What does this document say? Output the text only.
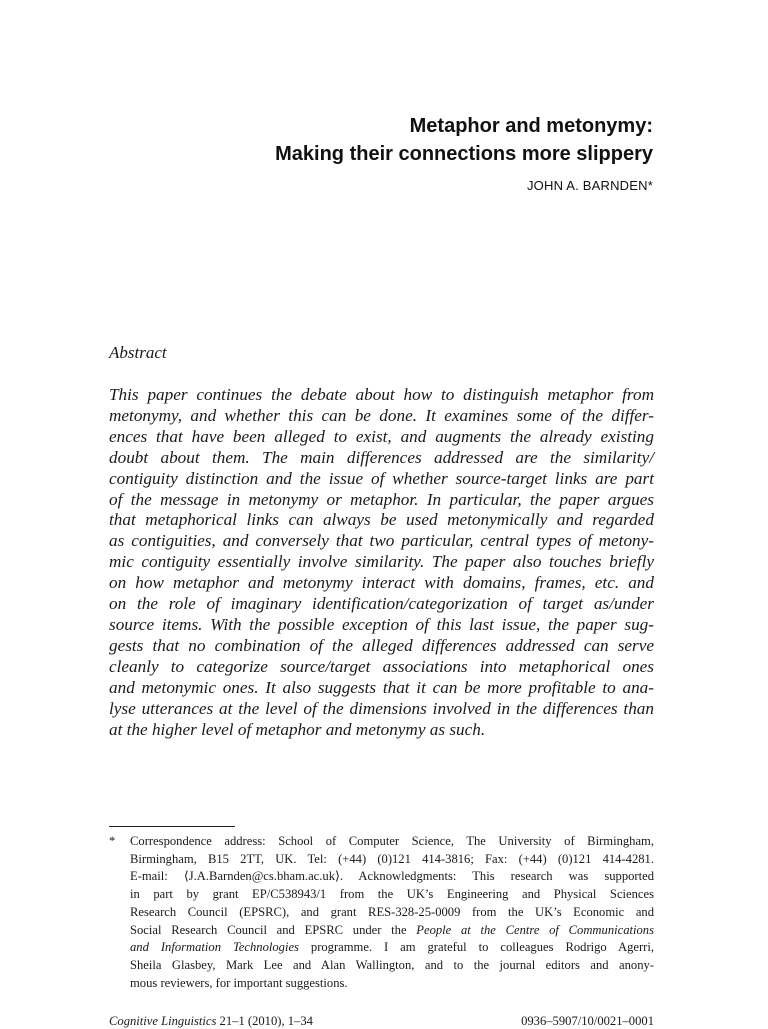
Metaphor and metonymy:
Making their connections more slippery
JOHN A. BARNDEN*
Abstract
This paper continues the debate about how to distinguish metaphor from
metonymy, and whether this can be done. It examines some of the differ-
ences that have been alleged to exist, and augments the already existing
doubt about them. The main differences addressed are the similarity/
contiguity distinction and the issue of whether source-target links are part
of the message in metonymy or metaphor. In particular, the paper argues
that metaphorical links can always be used metonymically and regarded
as contiguities, and conversely that two particular, central types of metony-
mic contiguity essentially involve similarity. The paper also touches briefly
on how metaphor and metonymy interact with domains, frames, etc. and
on the role of imaginary identification/categorization of target as/under
source items. With the possible exception of this last issue, the paper sug-
gests that no combination of the alleged differences addressed can serve
cleanly to categorize source/target associations into metaphorical ones
and metonymic ones. It also suggests that it can be more profitable to ana-
lyse utterances at the level of the dimensions involved in the differences than
at the higher level of metaphor and metonymy as such.
* Correspondence address: School of Computer Science, The University of Birmingham,
Birmingham, B15 2TT, UK. Tel: (+44) (0)121 414-3816; Fax: (+44) (0)121 414-4281.
E-mail: ⟨J.A.Barnden@cs.bham.ac.uk⟩. Acknowledgments: This research was supported
in part by grant EP/C538943/1 from the UK’s Engineering and Physical Sciences
Research Council (EPSRC), and grant RES-328-25-0009 from the UK’s Economic and
Social Research Council and EPSRC under the People at the Centre of Communications
and Information Technologies programme. I am grateful to colleagues Rodrigo Agerri,
Sheila Glasbey, Mark Lee and Alan Wallington, and to the journal editors and anony-
mous reviewers, for important suggestions.
Cognitive Linguistics 21–1 (2010), 1–34	0936–5907/10/0021–0001
